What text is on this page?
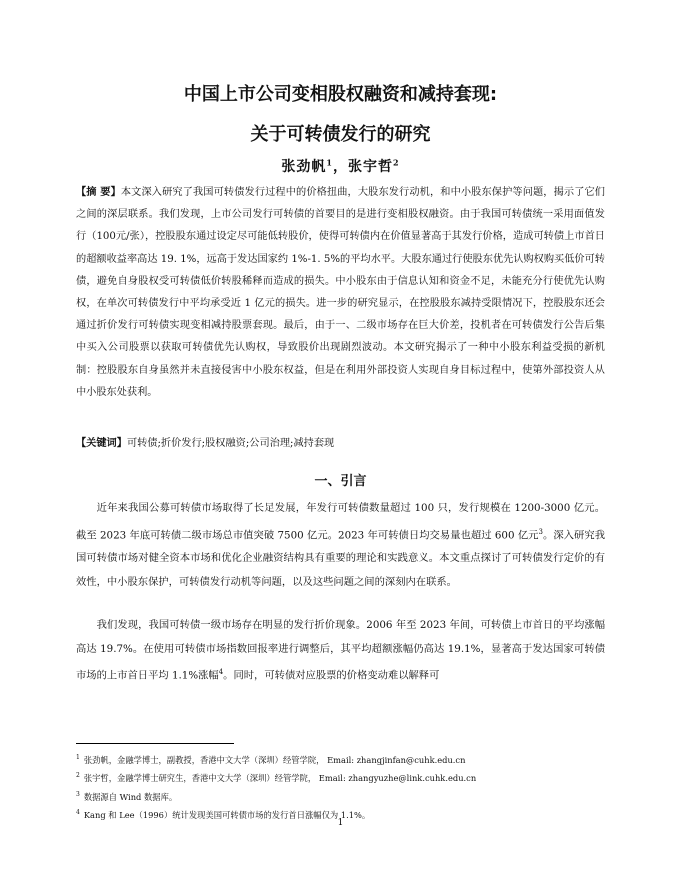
中国上市公司变相股权融资和减持套现:
关于可转债发行的研究
张劲帆$^1$，张宇哲$^2$
【摘 要】本文深入研究了我国可转债发行过程中的价格扭曲，大股东发行动机，和中小股东保护等问题，揭示了它们之间的深层联系。我们发现，上市公司发行可转债的首要目的是进行变相股权融资。由于我国可转债统一采用面值发行（100元/张），控股股东通过设定尽可能低转股价，使得可转债内在价值显著高于其发行价格，造成可转债上市首日的超额收益率高达 19. 1%，远高于发达国家约 1%-1. 5%的平均水平。大股东通过行使股东优先认购权购买低价可转债，避免自身股权受可转债低价转股稀释而造成的损失。中小股东由于信息认知和资金不足，未能充分行使优先认购权，在单次可转债发行中平均承受近 1 亿元的损失。进一步的研究显示，在控股股东减持受限情况下，控股股东还会通过折价发行可转债实现变相减持股票套现。最后，由于一、二级市场存在巨大价差，投机者在可转债发行公告后集中买入公司股票以获取可转债优先认购权，导致股价出现剧烈波动。本文研究揭示了一种中小股东利益受损的新机制：控股股东自身虽然并未直接侵害中小股东权益，但是在利用外部投资人实现自身目标过程中，使第外部投资人从中小股东处获利。
【关键词】可转债;折价发行;股权融资;公司治理;减持套现
一、引言
近年来我国公募可转债市场取得了长足发展，年发行可转债数量超过 100 只，发行规模在 1200-3000 亿元。截至 2023 年底可转债二级市场总市值突破 7500 亿元。2023 年可转债日均交易量也超过 600 亿元$^3$。深入研究我国可转债市场对健全资本市场和优化企业融资结构具有重要的理论和实践意义。本文重点探讨了可转债发行定价的有效性，中小股东保护，可转债发行动机等问题，以及这些问题之间的深刻内在联系。
我们发现，我国可转债一级市场存在明显的发行折价现象。2006 年至 2023 年间，可转债上市首日的平均涨幅高达 19.7%。在使用可转债市场指数回报率进行调整后，其平均超额涨幅仍高达 19.1%，显著高于发达国家可转债市场的上市首日平均 1.1%涨幅$^4$。同时，可转债对应股票的价格变动难以解释可
$^1$ 张劲帆，金融学博士，副教授，香港中文大学（深圳）经管学院， Email: zhangjinfan@cuhk.edu.cn
$^2$ 张宇哲，金融学博士研究生，香港中文大学（深圳）经管学院， Email: zhangyuzhe@link.cuhk.edu.cn
$^3$ 数据源自 Wind 数据库。
$^4$ Kang 和 Lee（1996）统计发现美国可转债市场的发行首日涨幅仅为 1.1%。
1
